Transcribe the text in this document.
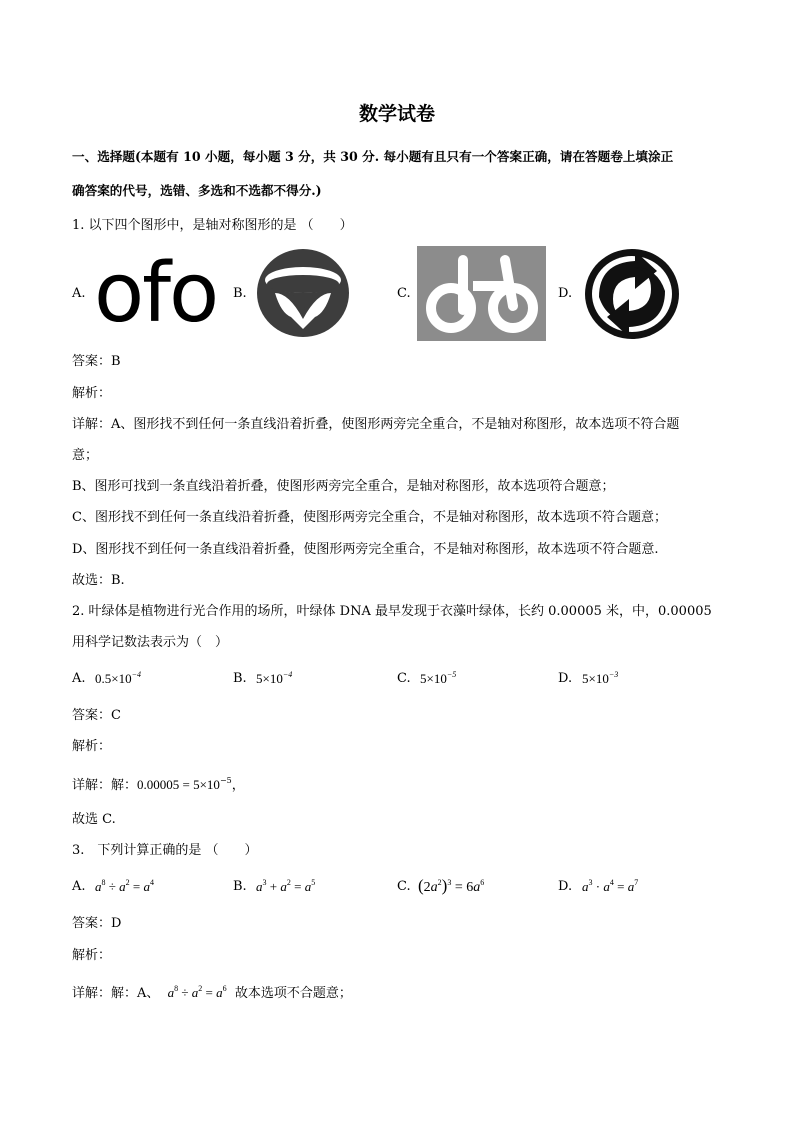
数学试卷
一、选择题(本题有 10 小题，每小题 3 分，共 30 分. 每小题有且只有一个答案正确，请在答题卷上填涂正
确答案的代号，选错、多选和不选都不得分.)
1. 以下四个图形中，是轴对称图形的是 （　　）
A. ofo B.	C.	D.
答案：B
解析：
详解：A、图形找不到任何一条直线沿着折叠，使图形两旁完全重合，不是轴对称图形，故本选项不符合题
意；
B、图形可找到一条直线沿着折叠，使图形两旁完全重合，是轴对称图形，故本选项符合题意；
C、图形找不到任何一条直线沿着折叠，使图形两旁完全重合，不是轴对称图形，故本选项不符合题意；
D、图形找不到任何一条直线沿着折叠，使图形两旁完全重合，不是轴对称图形，故本选项不符合题意.
故选：B.
2. 叶绿体是植物进行光合作用的场所，叶绿体 DNA 最早发现于衣藻叶绿体，长约 0.00005 米，中，0.00005
用科学记数法表示为（　）
A. $0.5\times 10^{-4}$	B. $5\times 10^{-4}$	C. $5\times 10^{-5}$	D. $5\times 10^{-3}$
答案：C
解析：
详解：解：$0.00005 = 5\times 10^{-5}$，
故选 C.
3.　下列计算正确的是 （　　）
A. $a^8 \div a^2 = a^4$	B. $a^3 + a^2 = a^5$	C. $(2a^2)^3 = 6a^6$	D. $a^3 \cdot a^4 = a^7$
答案：D
解析：
详解：解：A、 $a^8 \div a^2 = a^6$ 故本选项不合题意；
